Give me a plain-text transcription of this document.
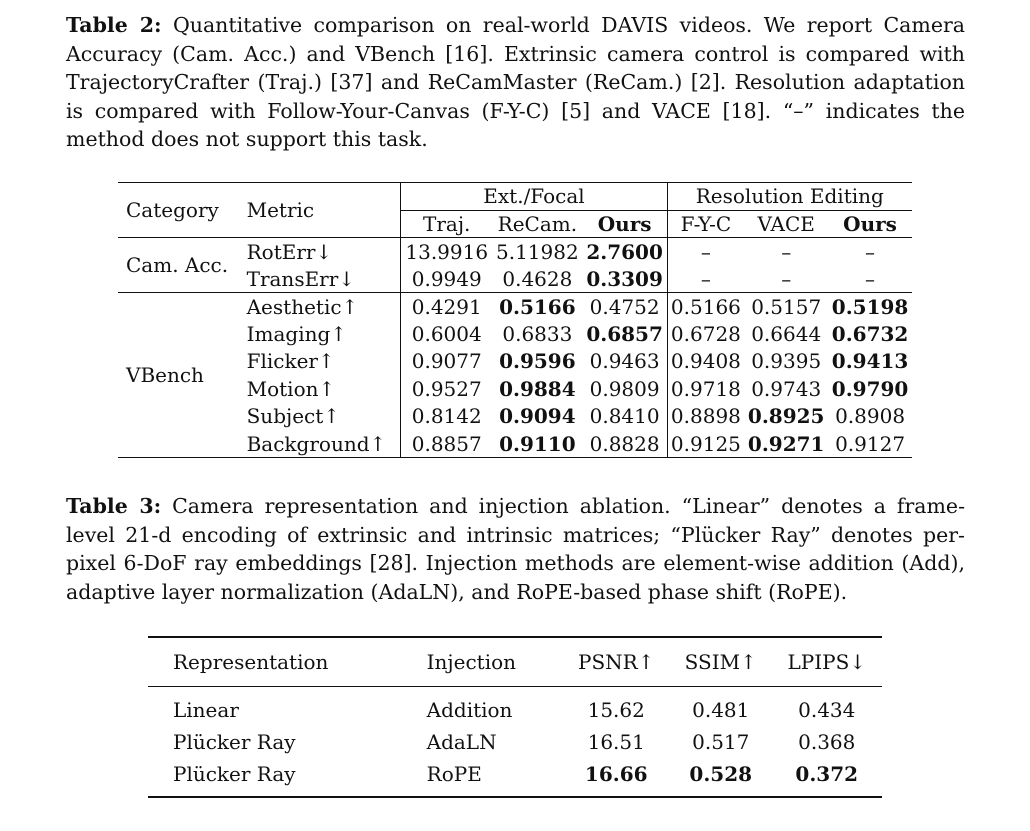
Table 2: Quantitative comparison on real-world DAVIS videos. We report Camera Accuracy (Cam. Acc.) and VBench [16]. Extrinsic camera control is compared with TrajectoryCrafter (Traj.) [37] and ReCamMaster (ReCam.) [2]. Resolution adaptation is compared with Follow-Your-Canvas (F-Y-C) [5] and VACE [18]. “–” indicates the method does not support this task.

Category	Metric	Ext./Focal			Resolution Editing		
		Traj.	ReCam.	Ours	F-Y-C	VACE	Ours
Cam. Acc.	RotErr↓	13.9916	5.11982	2.7600	–	–	–
	TransErr↓	0.9949	0.4628	0.3309	–	–	–
VBench	Aesthetic↑	0.4291	0.5166	0.4752	0.5166	0.5157	0.5198
	Imaging↑	0.6004	0.6833	0.6857	0.6728	0.6644	0.6732
	Flicker↑	0.9077	0.9596	0.9463	0.9408	0.9395	0.9413
	Motion↑	0.9527	0.9884	0.9809	0.9718	0.9743	0.9790
	Subject↑	0.8142	0.9094	0.8410	0.8898	0.8925	0.8908
	Background↑	0.8857	0.9110	0.8828	0.9125	0.9271	0.9127

Table 3: Camera representation and injection ablation. “Linear” denotes a frame-level 21-d encoding of extrinsic and intrinsic matrices; “Plücker Ray” denotes per-pixel 6-DoF ray embeddings [28]. Injection methods are element-wise addition (Add), adaptive layer normalization (AdaLN), and RoPE-based phase shift (RoPE).

Representation	Injection	PSNR↑	SSIM↑	LPIPS↓
Linear	Addition	15.62	0.481	0.434
Plücker Ray	AdaLN	16.51	0.517	0.368
Plücker Ray	RoPE	16.66	0.528	0.372
